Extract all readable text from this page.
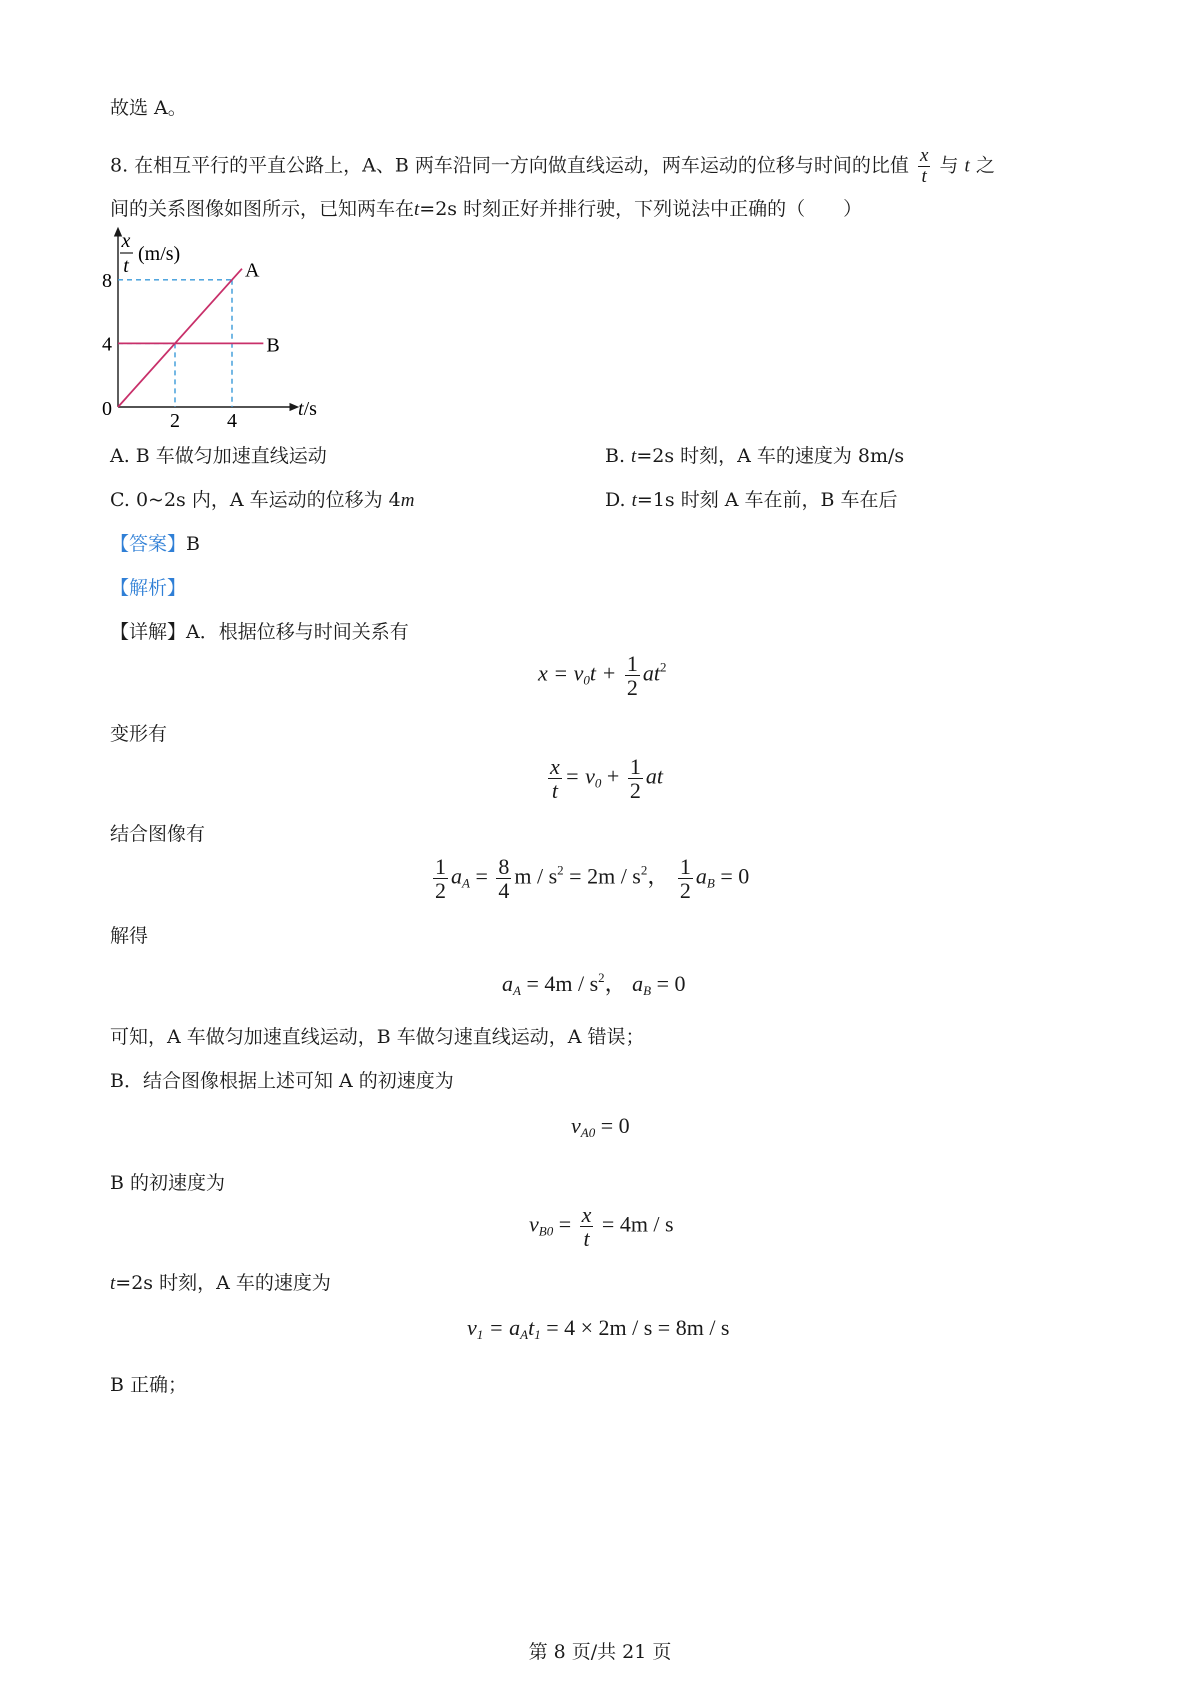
故选 A。
8. 在相互平行的平直公路上，A、B 两车沿同一方向做直线运动，两车运动的位移与时间的比值 $\frac{x}{t}$ 与 t 之
间的关系图像如图所示，已知两车在t=2s 时刻正好并排行驶，下列说法中正确的（　　）
x
t
(m/s)
0	t/s
2 4
4
8	A
B
A. B 车做匀加速直线运动	B. t=2s 时刻，A 车的速度为 8m/s
C. 0~2s 内，A 车运动的位移为 4m	D. t=1s 时刻 A 车在前，B 车在后
【答案】B
【解析】
【详解】A．根据位移与时间关系有
$x = v_0t + \frac{1}{2} at^2$
变形有
$\frac{x}{t} = v_0 + \frac{1}{2}$ at
结合图像有
$\frac{1}{2} a_A = \frac{8}{4}$ $m / s^2 = 2m / s^2$， $\frac{1}{2} a_B = 0$
解得
$a_A = 4m / s^2$， $a_B = 0$
可知，A 车做匀加速直线运动，B 车做匀速直线运动，A 错误；
B．结合图像根据上述可知 A 的初速度为
$v_{A0} = 0$
B 的初速度为
$v_{B0} = \frac{x}{t} = 4m / s$
t=2s 时刻，A 车的速度为
$v_1 = a_At_1 = 4 \times 2m / s = 8m / s$
B 正确；
第 8 页/共 21 页
